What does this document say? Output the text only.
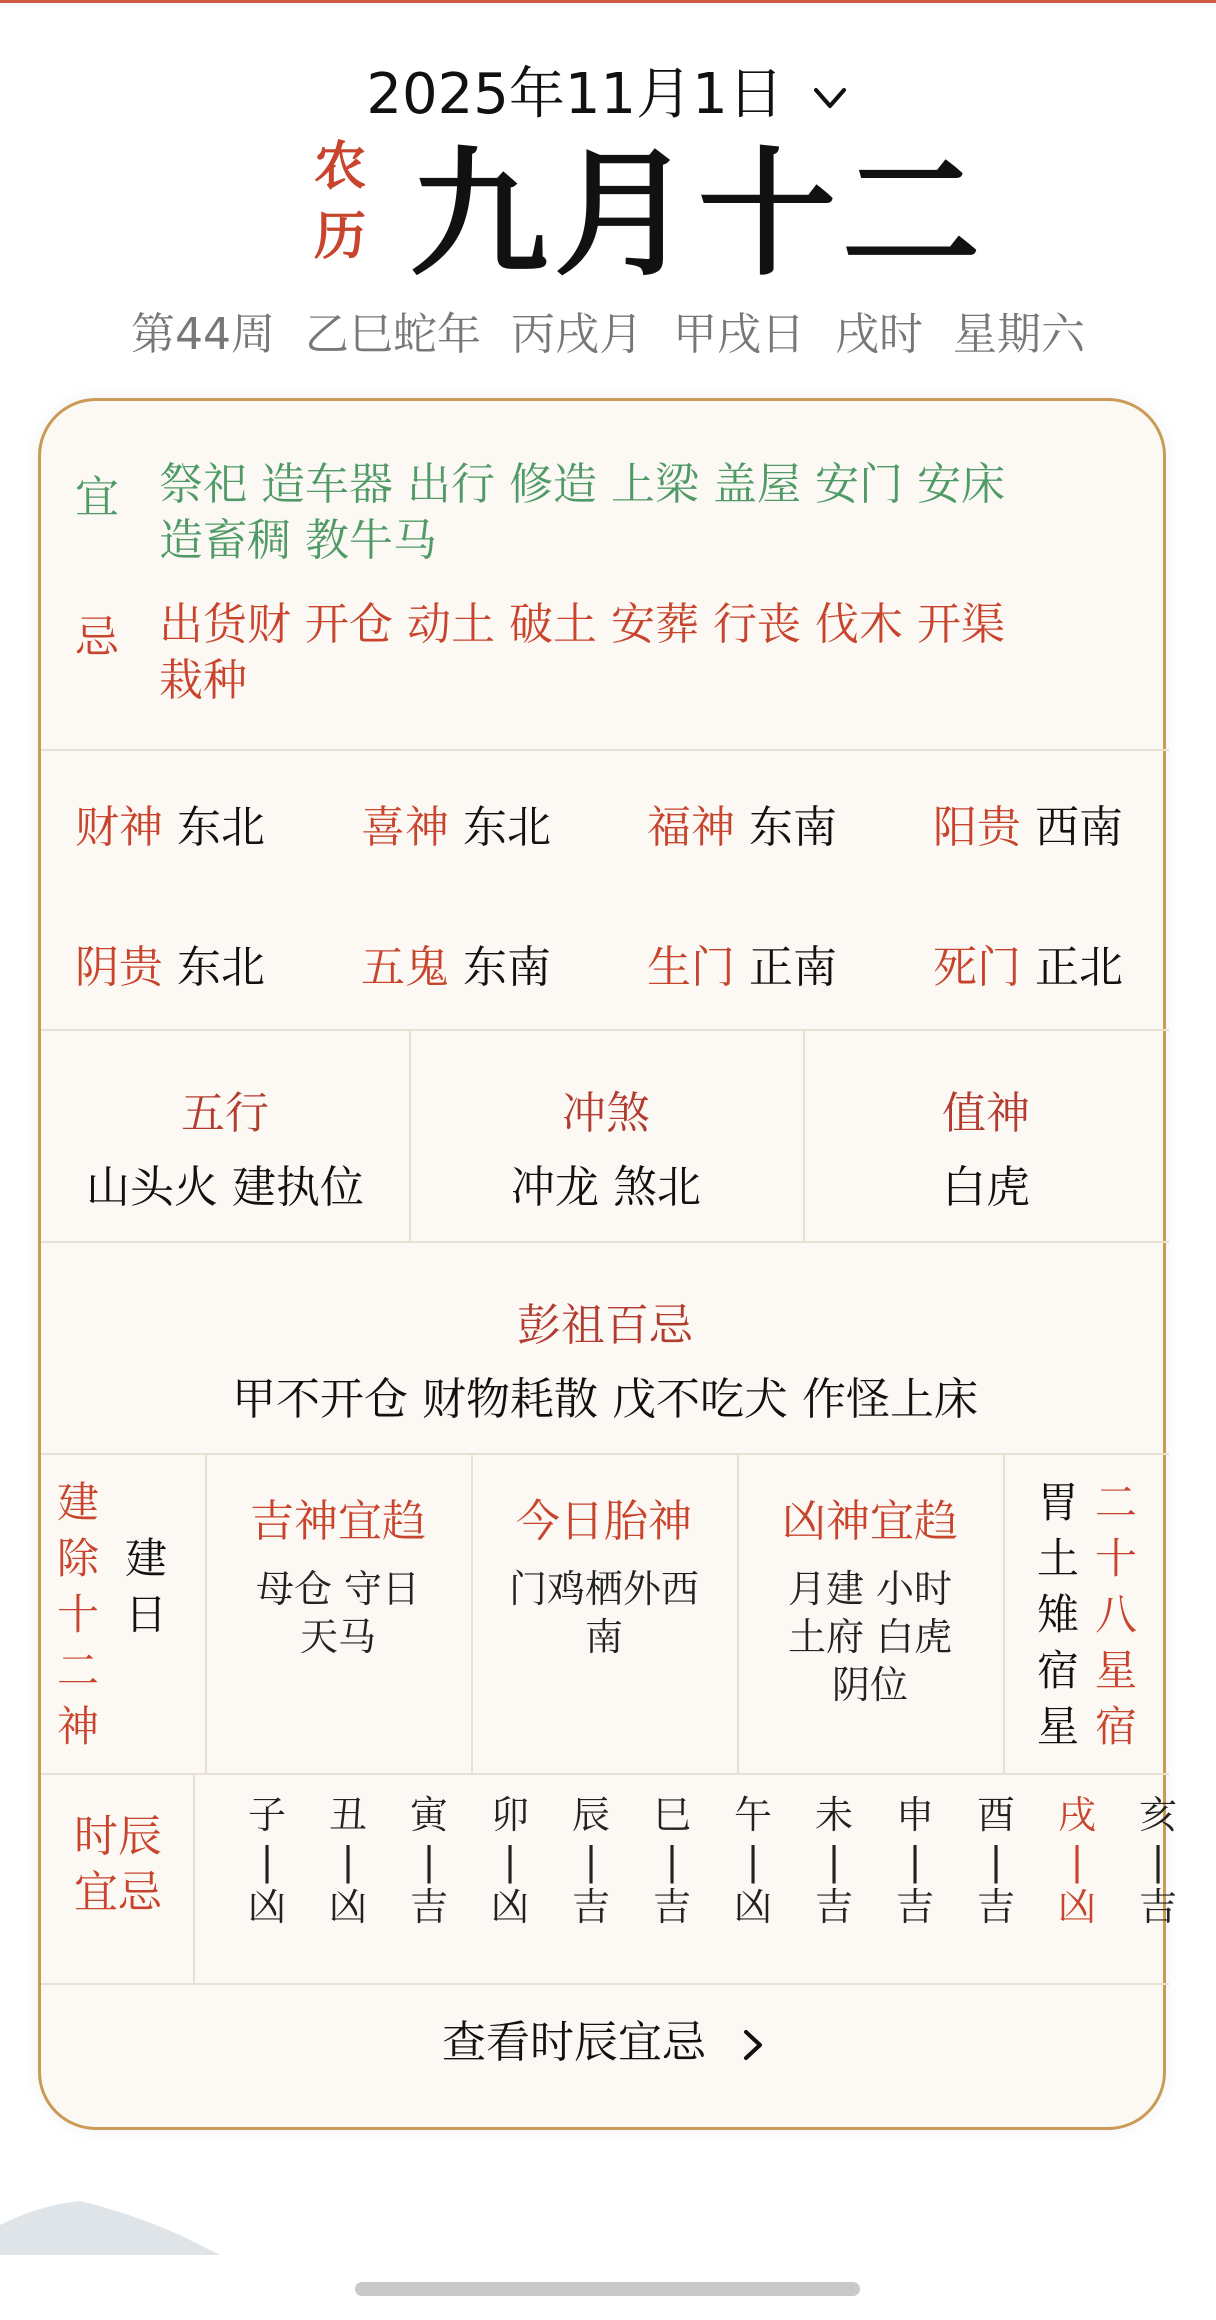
2025年11月1日
农
历 九月十二
第44周 乙巳蛇年 丙戌月 甲戌日 戌时 星期六
宜 祭祀 造车器 出行 修造 上梁 盖屋 安门 安床造畜稠 教牛马
忌 出货财 开仓 动土 破土 安葬 行丧 伐木 开渠栽种
财神 东北 喜神 东北 福神 东南 阳贵 西南
阴贵 东北 五鬼 东南 生门 正南 死门 正北
五行
山头火 建执位
冲煞
冲龙 煞北
值神
白虎
彭祖百忌
甲不开仓 财物耗散 戊不吃犬 作怪上床
建
除
十
二
神
建
日
吉神宜趋
母仓 守日
天马
今日胎神
门鸡栖外西
南
凶神宜趋
月建 小时
土府 白虎
阴位
胃
土
雉
宿
星
二
十
八
星
宿
时辰
宜忌
子
|
凶
丑
|
凶
寅
|
吉
卯
|
凶
辰
|
吉
巳
|
吉
午
|
凶
未
|
吉
申
|
吉
酉
|
吉
戌
|
凶
亥
|
吉
查看时辰宜忌
